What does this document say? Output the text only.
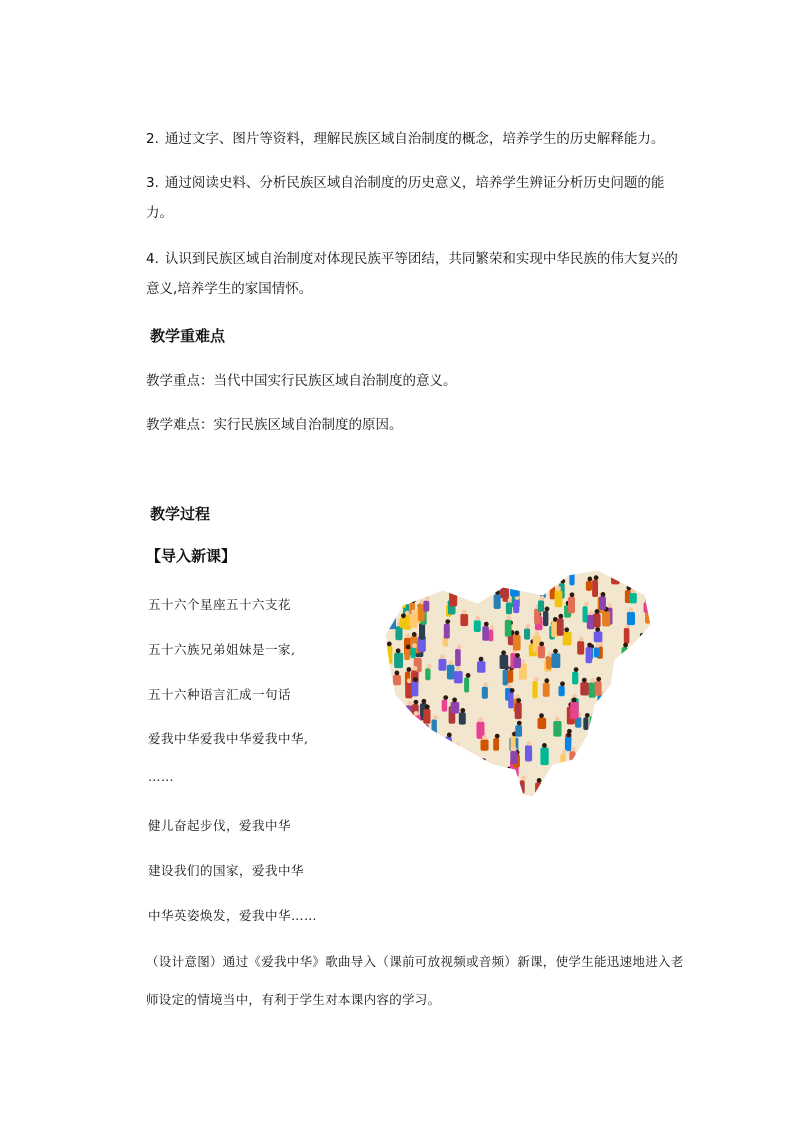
2. 通过文字、图片等资料，理解民族区域自治制度的概念，培养学生的历史解释能力。

3. 通过阅读史料、分析民族区域自治制度的历史意义，培养学生辨证分析历史问题的能力。

4. 认识到民族区域自治制度对体现民族平等团结，共同繁荣和实现中华民族的伟大复兴的意义,培养学生的家国情怀。

教学重难点

教学重点：当代中国实行民族区域自治制度的意义。

教学难点：实行民族区域自治制度的原因。

教学过程
【导入新课】

五十六个星座五十六支花

五十六族兄弟姐妹是一家,

五十六种语言汇成一句话

爱我中华爱我中华爱我中华,

……

健儿奋起步伐，爱我中华

建设我们的国家，爱我中华

中华英姿焕发，爱我中华……

（设计意图）通过《爱我中华》歌曲导入（课前可放视频或音频）新课，使学生能迅速地进入老师设定的情境当中，有利于学生对本课内容的学习。
